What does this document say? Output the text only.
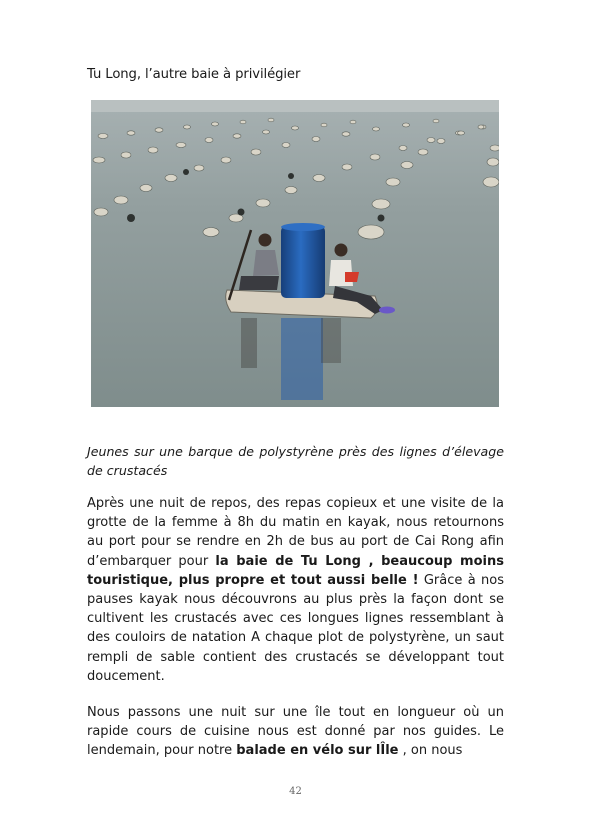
Tu Long, l’autre baie à privilégier
Jeunes sur une barque de polystyrène près des lignes d’élevage de crustacés

Après une nuit de repos, des repas copieux et une visite de la grotte de la femme à 8h du matin en kayak, nous retournons au port pour se rendre en 2h de bus au port de Cai Rong afin d’embarquer pour la baie de Tu Long , beaucoup moins touristique, plus propre et tout aussi belle ! Grâce à nos pauses kayak nous découvrons au plus près la façon dont se cultivent les crustacés avec ces longues lignes ressemblant à des couloirs de natation A chaque plot de polystyrène, un saut rempli de sable contient des crustacés se développant tout doucement.

Nous passons une nuit sur une île tout en longueur où un rapide cours de cuisine nous est donné par nos guides. Le lendemain, pour notre balade en vélo sur lÎle , on nous

42
